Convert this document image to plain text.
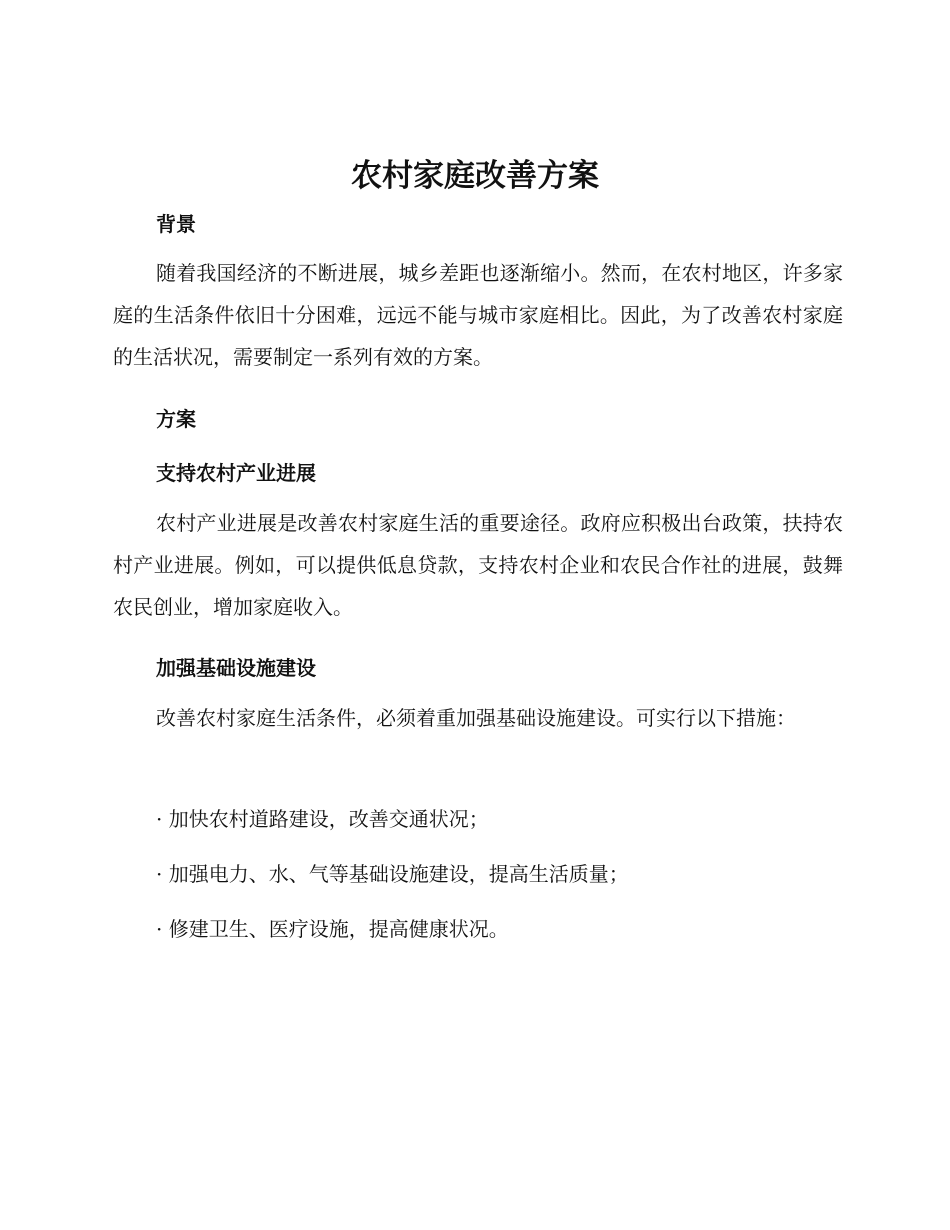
农村家庭改善方案
背景

随着我国经济的不断进展，城乡差距也逐渐缩小。然而，在农村地区，许多家庭的生活条件依旧十分困难，远远不能与城市家庭相比。因此，为了改善农村家庭的生活状况，需要制定一系列有效的方案。

方案
支持农村产业进展

农村产业进展是改善农村家庭生活的重要途径。政府应积极出台政策，扶持农村产业进展。例如，可以提供低息贷款，支持农村企业和农民合作社的进展，鼓舞农民创业，增加家庭收入。

加强基础设施建设

改善农村家庭生活条件，必须着重加强基础设施建设。可实行以下措施：

· 加快农村道路建设，改善交通状况；

· 加强电力、水、气等基础设施建设，提高生活质量；

· 修建卫生、医疗设施，提高健康状况。
